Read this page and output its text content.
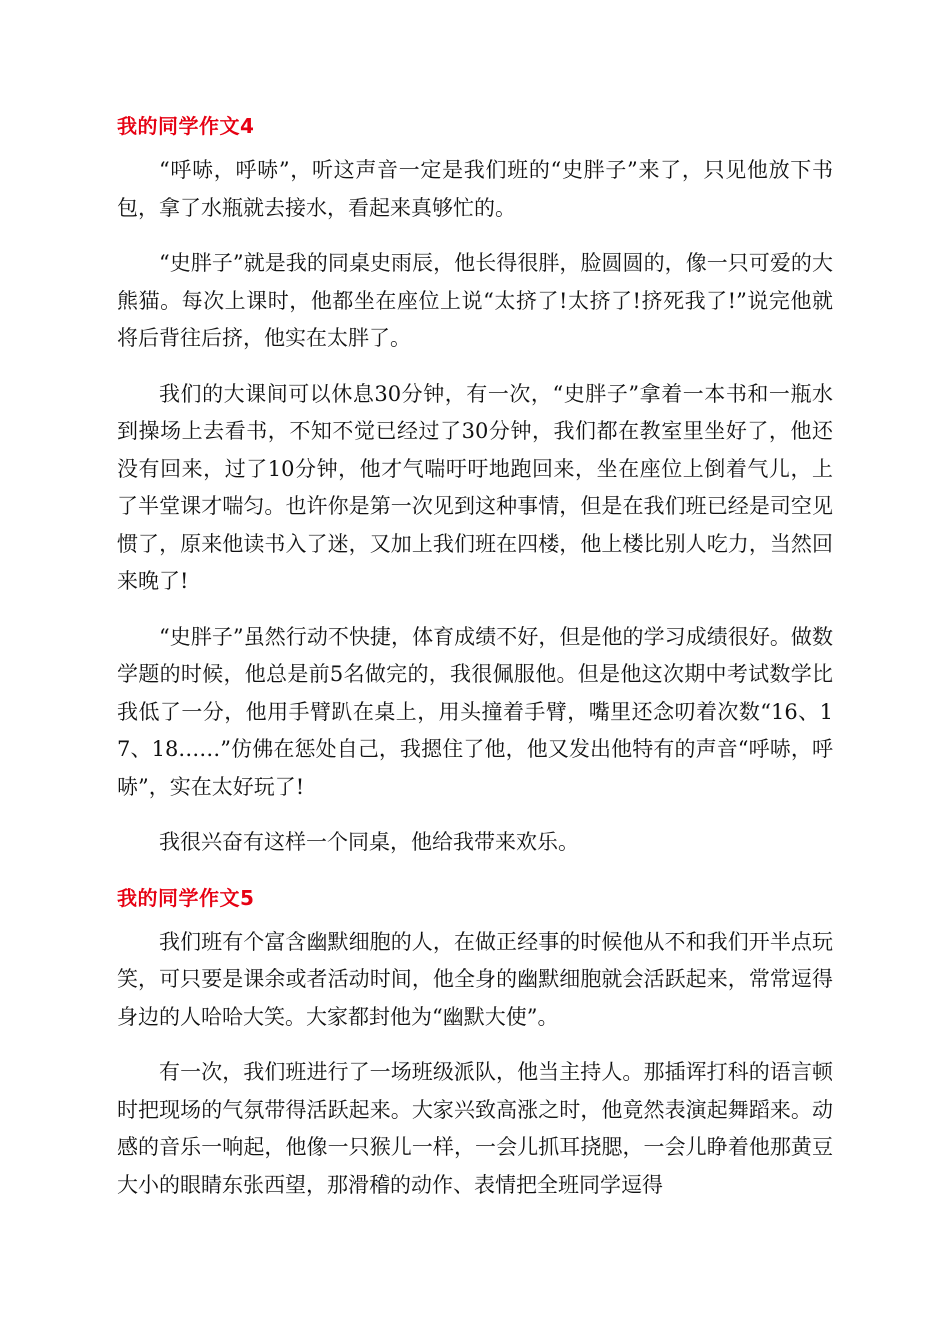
我的同学作文4

“呼哧，呼哧”，听这声音一定是我们班的“史胖子”来了，只见他放下书包，拿了水瓶就去接水，看起来真够忙的。

“史胖子”就是我的同桌史雨辰，他长得很胖，脸圆圆的，像一只可爱的大熊猫。每次上课时，他都坐在座位上说“太挤了!太挤了!挤死我了!”说完他就将后背往后挤，他实在太胖了。

我们的大课间可以休息30分钟，有一次，“史胖子”拿着一本书和一瓶水到操场上去看书，不知不觉已经过了30分钟，我们都在教室里坐好了，他还没有回来，过了10分钟，他才气喘吁吁地跑回来，坐在座位上倒着气儿，上了半堂课才喘匀。也许你是第一次见到这种事情，但是在我们班已经是司空见惯了，原来他读书入了迷，又加上我们班在四楼，他上楼比别人吃力，当然回来晚了!

“史胖子”虽然行动不快捷，体育成绩不好，但是他的学习成绩很好。做数学题的时候，他总是前5名做完的，我很佩服他。但是他这次期中考试数学比我低了一分，他用手臂趴在桌上，用头撞着手臂，嘴里还念叨着次数“16、17、18……”仿佛在惩处自己，我摁住了他，他又发出他特有的声音“呼哧，呼哧”，实在太好玩了!

我很兴奋有这样一个同桌，他给我带来欢乐。

我的同学作文5

我们班有个富含幽默细胞的人，在做正经事的时候他从不和我们开半点玩笑，可只要是课余或者活动时间，他全身的幽默细胞就会活跃起来，常常逗得身边的人哈哈大笑。大家都封他为“幽默大使”。

有一次，我们班进行了一场班级派队，他当主持人。那插诨打科的语言顿时把现场的气氛带得活跃起来。大家兴致高涨之时，他竟然表演起舞蹈来。动感的音乐一响起，他像一只猴儿一样，一会儿抓耳挠腮，一会儿睁着他那黄豆大小的眼睛东张西望，那滑稽的动作、表情把全班同学逗得
